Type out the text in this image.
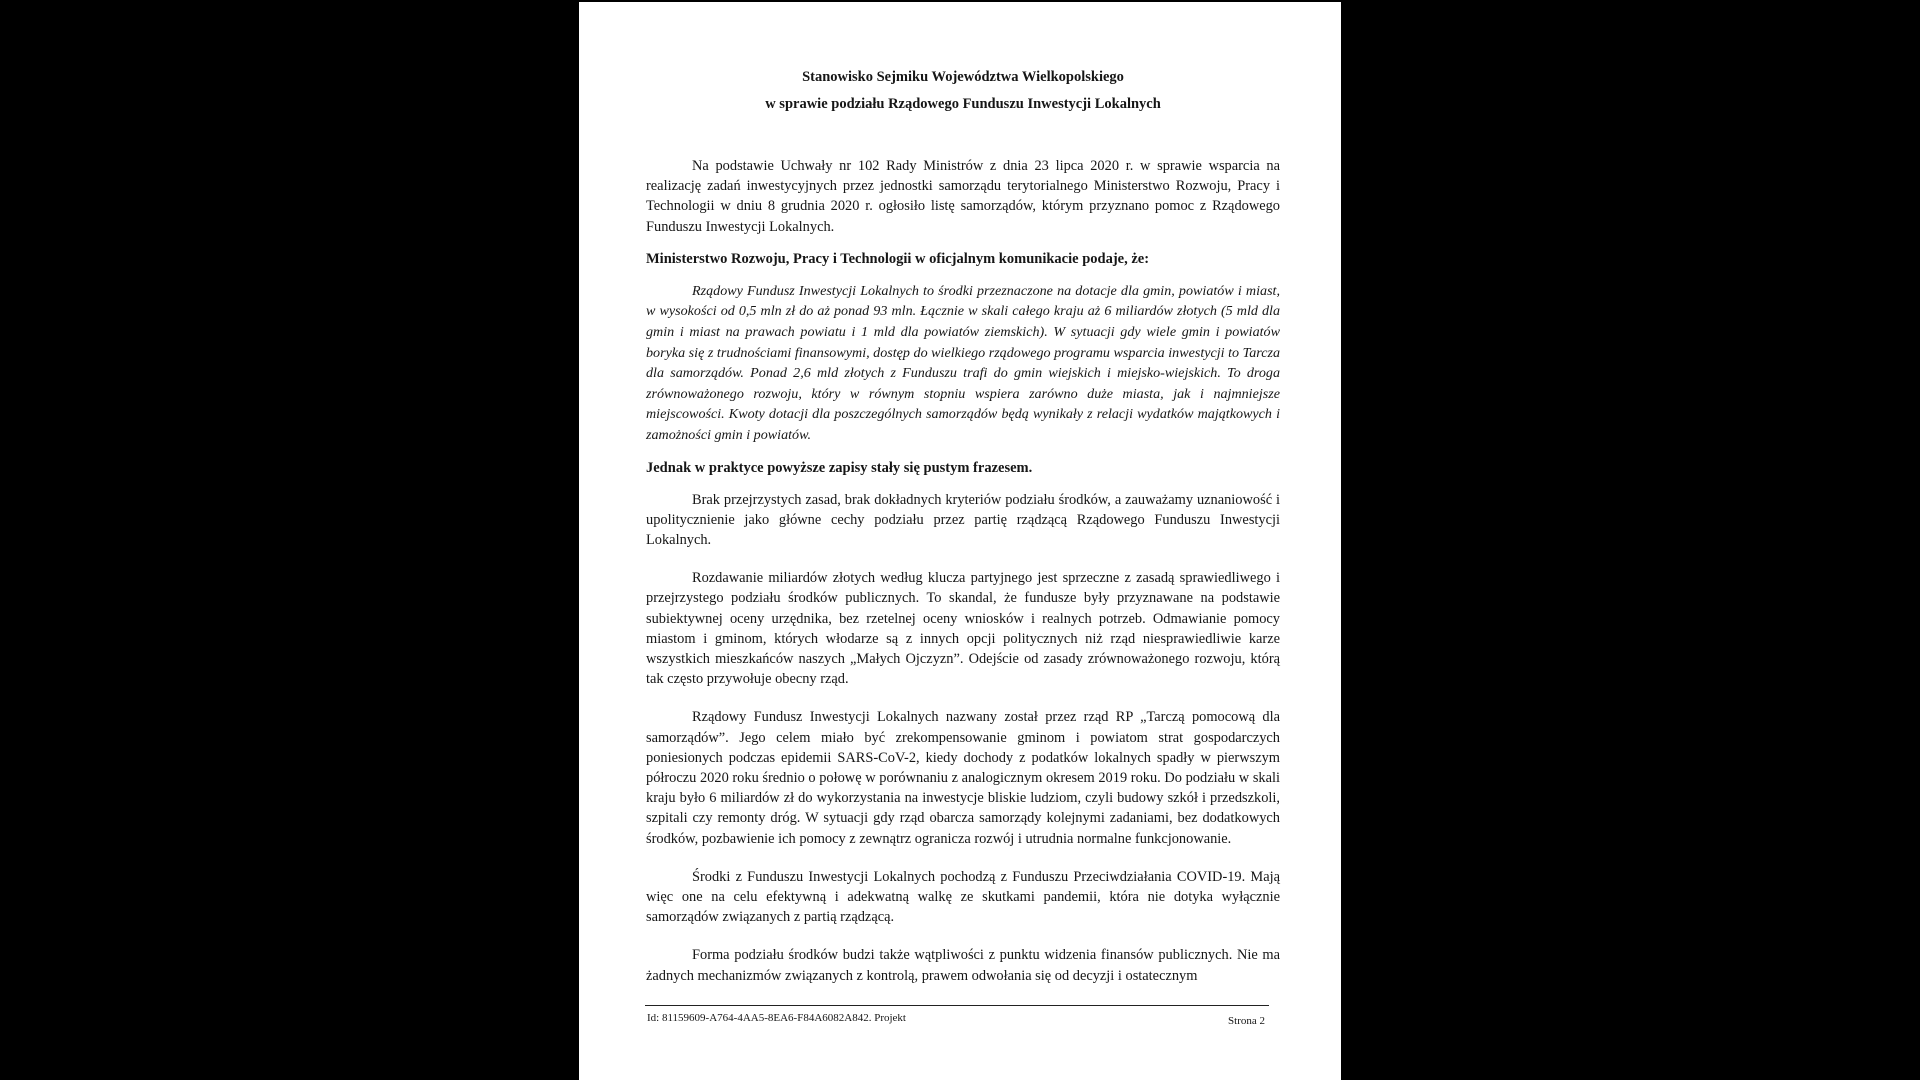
Stanowisko Sejmiku Województwa Wielkopolskiego

w sprawie podziału Rządowego Funduszu Inwestycji Lokalnych

Na podstawie Uchwały nr 102 Rady Ministrów z dnia 23 lipca 2020 r. w sprawie wsparcia na realizację zadań inwestycyjnych przez jednostki samorządu terytorialnego Ministerstwo Rozwoju, Pracy i Technologii w dniu 8 grudnia 2020 r. ogłosiło listę samorządów, którym przyznano pomoc z Rządowego Funduszu Inwestycji Lokalnych.

Ministerstwo Rozwoju, Pracy i Technologii w oficjalnym komunikacie podaje, że:

Rządowy Fundusz Inwestycji Lokalnych to środki przeznaczone na dotacje dla gmin, powiatów i miast, w wysokości od 0,5 mln zł do aż ponad 93 mln. Łącznie w skali całego kraju aż 6 miliardów złotych (5 mld dla gmin i miast na prawach powiatu i 1 mld dla powiatów ziemskich). W sytuacji gdy wiele gmin i powiatów boryka się z trudnościami finansowymi, dostęp do wielkiego rządowego programu wsparcia inwestycji to Tarcza dla samorządów. Ponad 2,6 mld złotych z Funduszu trafi do gmin wiejskich i miejsko-wiejskich. To droga zrównoważonego rozwoju, który w równym stopniu wspiera zarówno duże miasta, jak i najmniejsze miejscowości. Kwoty dotacji dla poszczególnych samorządów będą wynikały z relacji wydatków majątkowych i zamożności gmin i powiatów.

Jednak w praktyce powyższe zapisy stały się pustym frazesem.

Brak przejrzystych zasad, brak dokładnych kryteriów podziału środków, a zauważamy uznaniowość i upolitycznienie jako główne cechy podziału przez partię rządzącą Rządowego Funduszu Inwestycji Lokalnych.

Rozdawanie miliardów złotych według klucza partyjnego jest sprzeczne z zasadą sprawiedliwego i przejrzystego podziału środków publicznych. To skandal, że fundusze były przyznawane na podstawie subiektywnej oceny urzędnika, bez rzetelnej oceny wniosków i realnych potrzeb. Odmawianie pomocy miastom i gminom, których włodarze są z innych opcji politycznych niż rząd niesprawiedliwie karze wszystkich mieszkańców naszych „Małych Ojczyzn”. Odejście od zasady zrównoważonego rozwoju, którą tak często przywołuje obecny rząd.

Rządowy Fundusz Inwestycji Lokalnych nazwany został przez rząd RP „Tarczą pomocową dla samorządów”. Jego celem miało być zrekompensowanie gminom i powiatom strat gospodarczych poniesionych podczas epidemii SARS-CoV-2, kiedy dochody z podatków lokalnych spadły w pierwszym półroczu 2020 roku średnio o połowę w porównaniu z analogicznym okresem 2019 roku. Do podziału w skali kraju było 6 miliardów zł do wykorzystania na inwestycje bliskie ludziom, czyli budowy szkół i przedszkoli, szpitali czy remonty dróg. W sytuacji gdy rząd obarcza samorządy kolejnymi zadaniami, bez dodatkowych środków, pozbawienie ich pomocy z zewnątrz ogranicza rozwój i utrudnia normalne funkcjonowanie.

Środki z Funduszu Inwestycji Lokalnych pochodzą z Funduszu Przeciwdziałania COVID-19. Mają więc one na celu efektywną i adekwatną walkę ze skutkami pandemii, która nie dotyka wyłącznie samorządów związanych z partią rządzącą.

Forma podziału środków budzi także wątpliwości z punktu widzenia finansów publicznych. Nie ma żadnych mechanizmów związanych z kontrolą, prawem odwołania się od decyzji i ostatecznym

Id: 81159609-A764-4AA5-8EA6-F84A6082A842. Projekt	Strona 2
